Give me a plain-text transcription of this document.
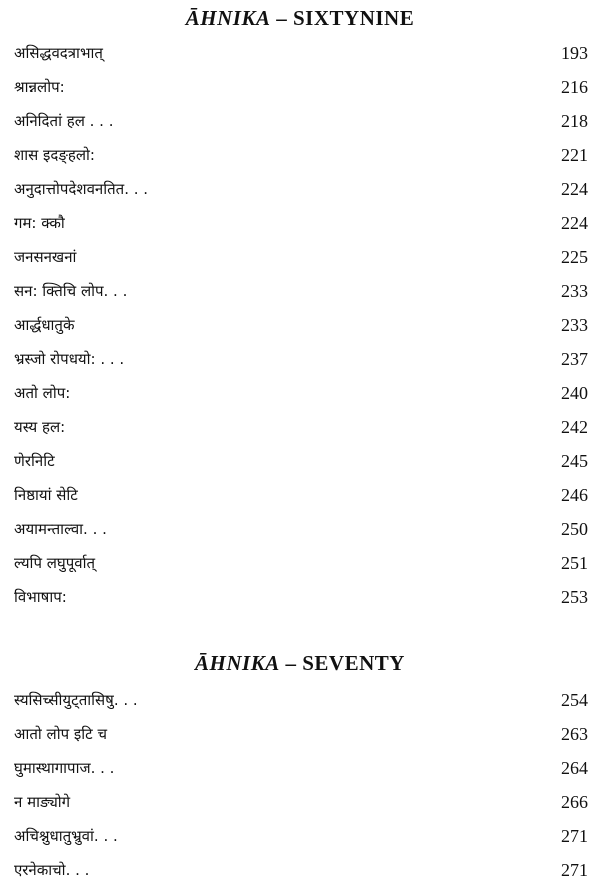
ĀHNIKA – SIXTYNINE
असिद्धवदत्राभात्	193
श्रान्नलोप:	216
अनिदितां हल . . .	218
शास इदङ्हलो:	221
अनुदात्तोपदेशवनतित. . .	224
गम: क्कौ	224
जनसनखनां	225
सन: क्तिचि लोप. . .	233
आर्द्धधातुके	233
भ्रस्जो रोपधयो: . . .	237
अतो लोप:	240
यस्य हल:	242
णेरनिटि	245
निष्ठायां सेटि	246
अयामन्ताल्वा. . .	250
ल्यपि लघुपूर्वात्	251
विभाषाप:	253
ĀHNIKA – SEVENTY
स्यसिच्सीयुट्तासिषु. . .	254
आतो लोप इटि च	263
घुमास्थागापाज. . .	264
न माङ्योगे	266
अचिश्नुधातुभ्रुवां. . .	271
एरनेकाचो. . .	271
